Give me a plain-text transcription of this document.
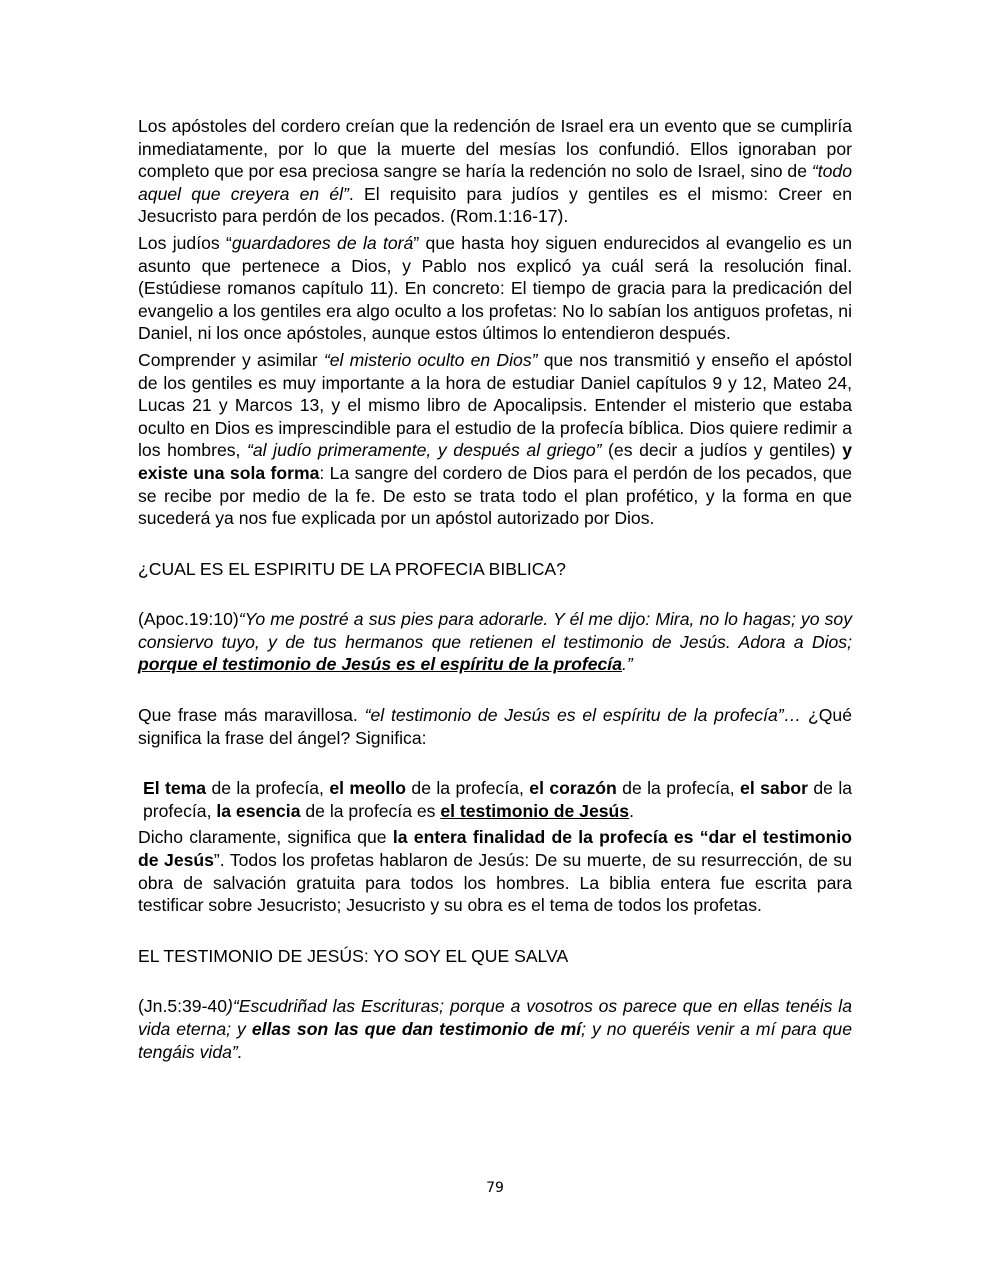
Los apóstoles del cordero creían que la redención de Israel era un evento que se cumpliría inmediatamente, por lo que la muerte del mesías los confundió. Ellos ignoraban por completo que por esa preciosa sangre se haría la redención no solo de Israel, sino de “todo aquel que creyera en él”. El requisito para judíos y gentiles es el mismo: Creer en Jesucristo para perdón de los pecados. (Rom.1:16-17).

Los judíos “guardadores de la torá” que hasta hoy siguen endurecidos al evangelio es un asunto que pertenece a Dios, y Pablo nos explicó ya cuál será la resolución final. (Estúdiese romanos capítulo 11). En concreto: El tiempo de gracia para la predicación del evangelio a los gentiles era algo oculto a los profetas: No lo sabían los antiguos profetas, ni Daniel, ni los once apóstoles, aunque estos últimos lo entendieron después.

Comprender y asimilar “el misterio oculto en Dios” que nos transmitió y enseño el apóstol de los gentiles es muy importante a la hora de estudiar Daniel capítulos 9 y 12, Mateo 24, Lucas 21 y Marcos 13, y el mismo libro de Apocalipsis. Entender el misterio que estaba oculto en Dios es imprescindible para el estudio de la profecía bíblica. Dios quiere redimir a los hombres, “al judío primeramente, y después al griego” (es decir a judíos y gentiles) y existe una sola forma: La sangre del cordero de Dios para el perdón de los pecados, que se recibe por medio de la fe. De esto se trata todo el plan profético, y la forma en que sucederá ya nos fue explicada por un apóstol autorizado por Dios.

¿CUAL ES EL ESPIRITU DE LA PROFECIA BIBLICA?

(Apoc.19:10)“Yo me postré a sus pies para adorarle. Y él me dijo: Mira, no lo hagas; yo soy consiervo tuyo, y de tus hermanos que retienen el testimonio de Jesús. Adora a Dios; porque el testimonio de Jesús es el espíritu de la profecía.”

Que frase más maravillosa. “el testimonio de Jesús es el espíritu de la profecía”… ¿Qué significa la frase del ángel? Significa:

El tema de la profecía, el meollo de la profecía, el corazón de la profecía, el sabor de la profecía, la esencia de la profecía es el testimonio de Jesús.

Dicho claramente, significa que la entera finalidad de la profecía es “dar el testimonio de Jesús”. Todos los profetas hablaron de Jesús: De su muerte, de su resurrección, de su obra de salvación gratuita para todos los hombres. La biblia entera fue escrita para testificar sobre Jesucristo; Jesucristo y su obra es el tema de todos los profetas.

EL TESTIMONIO DE JESÚS: YO SOY EL QUE SALVA

(Jn.5:39-40)“Escudriñad las Escrituras; porque a vosotros os parece que en ellas tenéis la vida eterna; y ellas son las que dan testimonio de mí; y no queréis venir a mí para que tengáis vida”.

79
